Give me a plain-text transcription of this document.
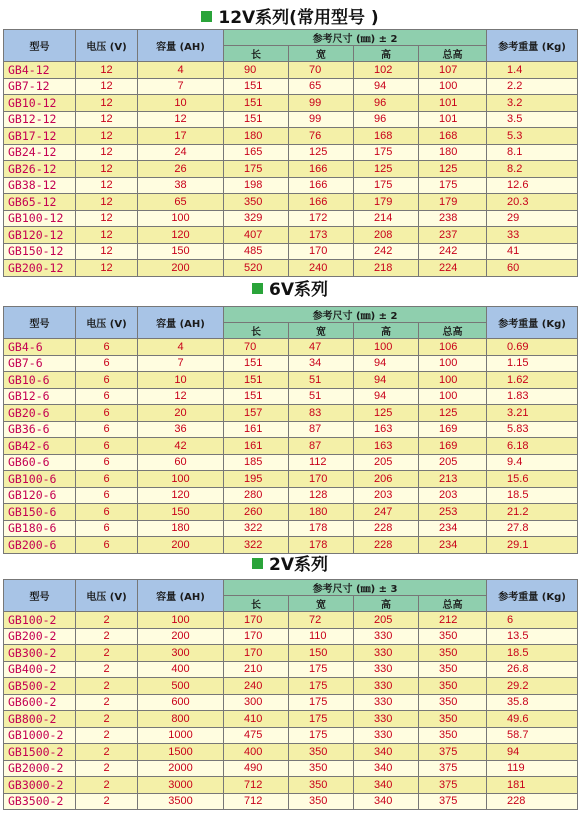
12V系列(常用型号 )
型号	电压 (V)	容量 (AH)	参考尺寸 (㎜) ± 2				参考重量 (Kg)
			长	宽	高	总高	
GB4-12	12	4	90	70	102	107	1.4
GB7-12	12	7	151	65	94	100	2.2
GB10-12	12	10	151	99	96	101	3.2
GB12-12	12	12	151	99	96	101	3.5
GB17-12	12	17	180	76	168	168	5.3
GB24-12	12	24	165	125	175	180	8.1
GB26-12	12	26	175	166	125	125	8.2
GB38-12	12	38	198	166	175	175	12.6
GB65-12	12	65	350	166	179	179	20.3
GB100-12	12	100	329	172	214	238	29
GB120-12	12	120	407	173	208	237	33
GB150-12	12	150	485	170	242	242	41
GB200-12	12	200	520	240	218	224	60
6V系列
型号	电压 (V)	容量 (AH)	参考尺寸 (㎜) ± 2				参考重量 (Kg)
			长	宽	高	总高	
GB4-6	6	4	70	47	100	106	0.69
GB7-6	6	7	151	34	94	100	1.15
GB10-6	6	10	151	51	94	100	1.62
GB12-6	6	12	151	51	94	100	1.83
GB20-6	6	20	157	83	125	125	3.21
GB36-6	6	36	161	87	163	169	5.83
GB42-6	6	42	161	87	163	169	6.18
GB60-6	6	60	185	112	205	205	9.4
GB100-6	6	100	195	170	206	213	15.6
GB120-6	6	120	280	128	203	203	18.5
GB150-6	6	150	260	180	247	253	21.2
GB180-6	6	180	322	178	228	234	27.8
GB200-6	6	200	322	178	228	234	29.1
2V系列
型号	电压 (V)	容量 (AH)	参考尺寸 (㎜) ± 3				参考重量 (Kg)
			长	宽	高	总高	
GB100-2	2	100	170	72	205	212	6
GB200-2	2	200	170	110	330	350	13.5
GB300-2	2	300	170	150	330	350	18.5
GB400-2	2	400	210	175	330	350	26.8
GB500-2	2	500	240	175	330	350	29.2
GB600-2	2	600	300	175	330	350	35.8
GB800-2	2	800	410	175	330	350	49.6
GB1000-2	2	1000	475	175	330	350	58.7
GB1500-2	2	1500	400	350	340	375	94
GB2000-2	2	2000	490	350	340	375	119
GB3000-2	2	3000	712	350	340	375	181
GB3500-2	2	3500	712	350	340	375	228
